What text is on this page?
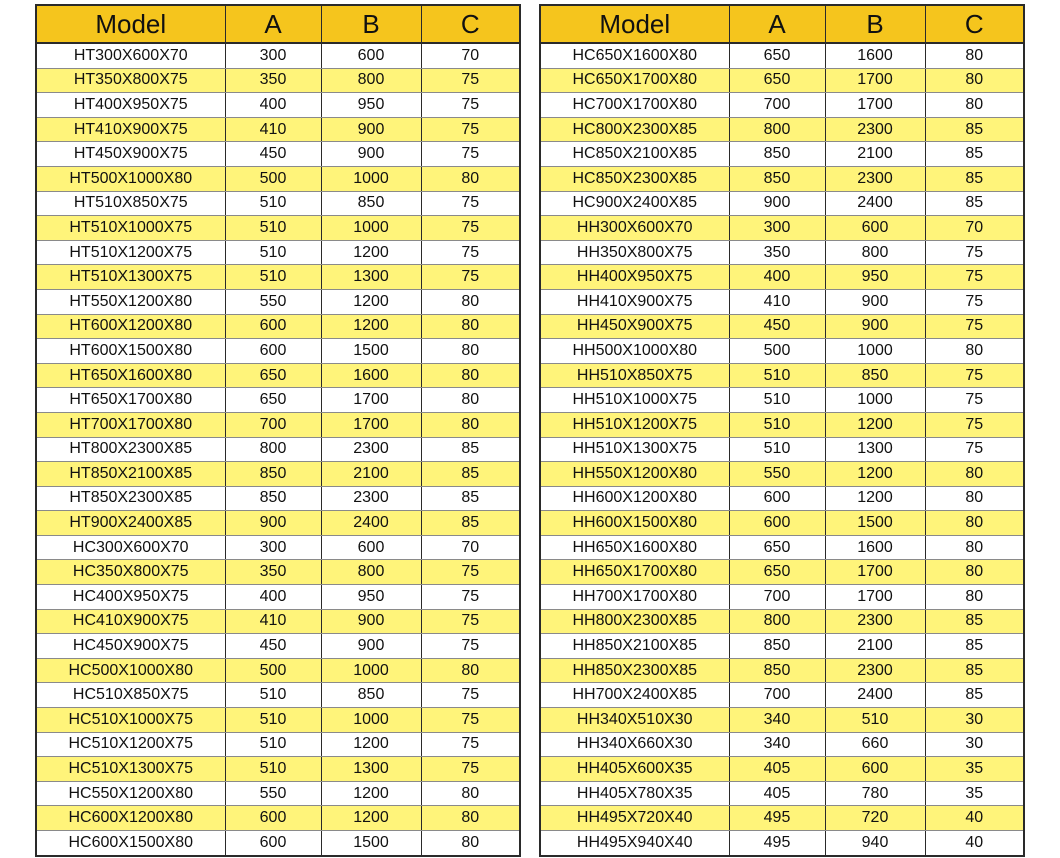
Model	A	B	C
HT300X600X70	300	600	70
HT350X800X75	350	800	75
HT400X950X75	400	950	75
HT410X900X75	410	900	75
HT450X900X75	450	900	75
HT500X1000X80	500	1000	80
HT510X850X75	510	850	75
HT510X1000X75	510	1000	75
HT510X1200X75	510	1200	75
HT510X1300X75	510	1300	75
HT550X1200X80	550	1200	80
HT600X1200X80	600	1200	80
HT600X1500X80	600	1500	80
HT650X1600X80	650	1600	80
HT650X1700X80	650	1700	80
HT700X1700X80	700	1700	80
HT800X2300X85	800	2300	85
HT850X2100X85	850	2100	85
HT850X2300X85	850	2300	85
HT900X2400X85	900	2400	85
HC300X600X70	300	600	70
HC350X800X75	350	800	75
HC400X950X75	400	950	75
HC410X900X75	410	900	75
HC450X900X75	450	900	75
HC500X1000X80	500	1000	80
HC510X850X75	510	850	75
HC510X1000X75	510	1000	75
HC510X1200X75	510	1200	75
HC510X1300X75	510	1300	75
HC550X1200X80	550	1200	80
HC600X1200X80	600	1200	80
HC600X1500X80	600	1500	80
Model	A	B	C
HC650X1600X80	650	1600	80
HC650X1700X80	650	1700	80
HC700X1700X80	700	1700	80
HC800X2300X85	800	2300	85
HC850X2100X85	850	2100	85
HC850X2300X85	850	2300	85
HC900X2400X85	900	2400	85
HH300X600X70	300	600	70
HH350X800X75	350	800	75
HH400X950X75	400	950	75
HH410X900X75	410	900	75
HH450X900X75	450	900	75
HH500X1000X80	500	1000	80
HH510X850X75	510	850	75
HH510X1000X75	510	1000	75
HH510X1200X75	510	1200	75
HH510X1300X75	510	1300	75
HH550X1200X80	550	1200	80
HH600X1200X80	600	1200	80
HH600X1500X80	600	1500	80
HH650X1600X80	650	1600	80
HH650X1700X80	650	1700	80
HH700X1700X80	700	1700	80
HH800X2300X85	800	2300	85
HH850X2100X85	850	2100	85
HH850X2300X85	850	2300	85
HH700X2400X85	700	2400	85
HH340X510X30	340	510	30
HH340X660X30	340	660	30
HH405X600X35	405	600	35
HH405X780X35	405	780	35
HH495X720X40	495	720	40
HH495X940X40	495	940	40
